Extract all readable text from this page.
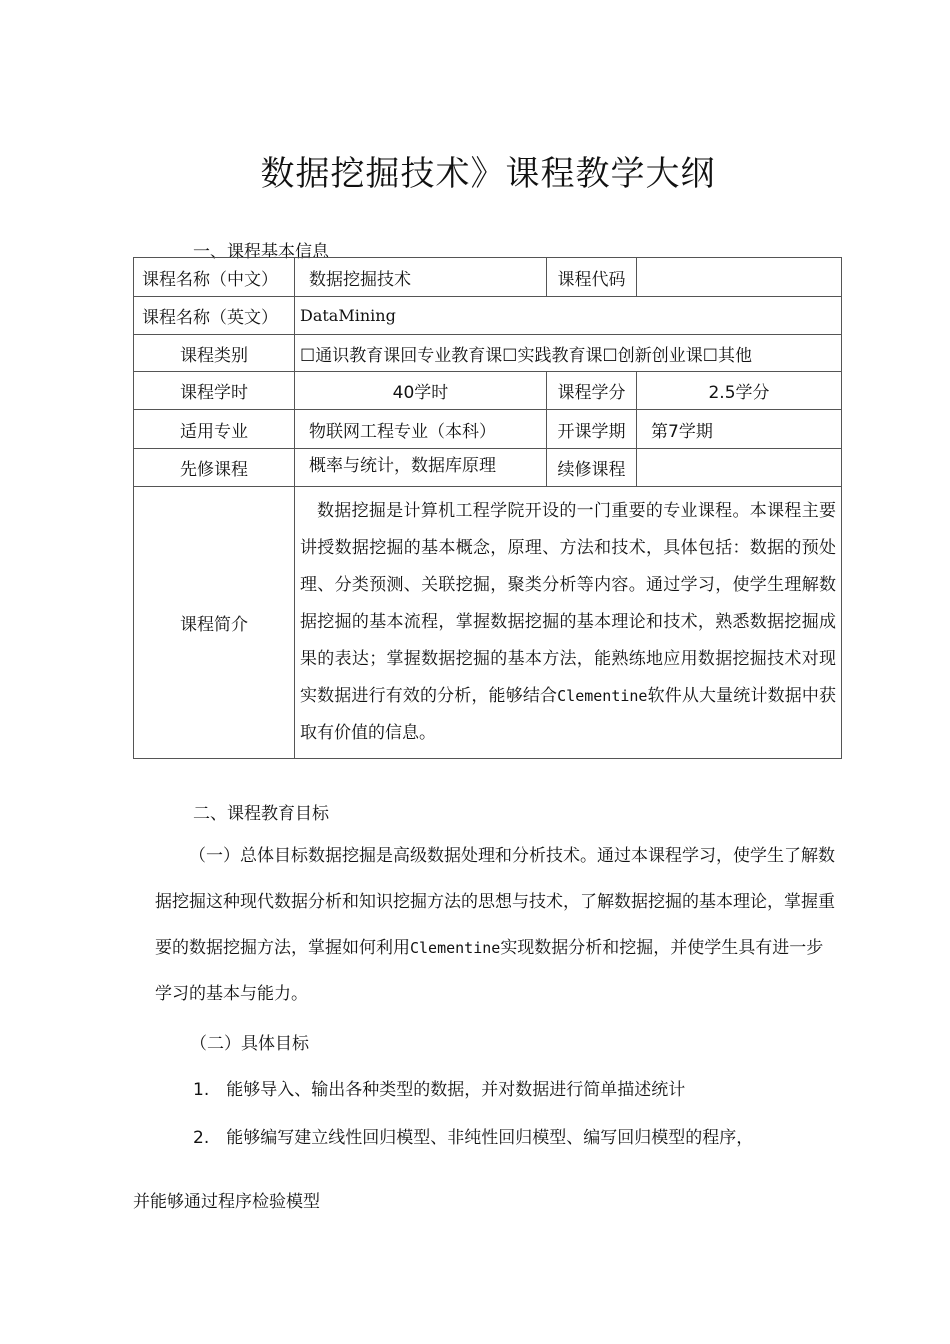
数据挖掘技术》课程教学大纲
一、课程基本信息
课程名称（中文）	数据挖掘技术	课程代码	
课程名称（英文）	DataMining		
课程类别	☐通识教育课回专业教育课☐实践教育课☐创新创业课☐其他		
课程学时	40学时	课程学分	2.5学分
适用专业	物联网工程专业（本科）	开课学期	第7学期
先修课程	概率与统计，数据库原理	续修课程	
课程简介	数据挖掘是计算机工程学院开设的一门重要的专业课程。本课程主要讲授数据挖掘的基本概念，原理、方法和技术，具体包括：数据的预处理、分类预测、关联挖掘，聚类分析等内容。通过学习，使学生理解数据挖掘的基本流程，掌握数据挖掘的基本理论和技术，熟悉数据挖掘成果的表达；掌握数据挖掘的基本方法，能熟练地应用数据挖掘技术对现实数据进行有效的分析，能够结合Clementine软件从大量统计数据中获取有价值的信息。		
二、课程教育目标
（一）总体目标数据挖掘是高级数据处理和分析技术。通过本课程学习，使学生了解数据挖掘这种现代数据分析和知识挖掘方法的思想与技术，了解数据挖掘的基本理论，掌握重要的数据挖掘方法，掌握如何利用Clementine实现数据分析和挖掘，并使学生具有进一步学习的基本与能力。
（二）具体目标
1.　能够导入、输出各种类型的数据，并对数据进行简单描述统计
2.　能够编写建立线性回归模型、非纯性回归模型、编写回归模型的程序，
并能够通过程序检验模型
